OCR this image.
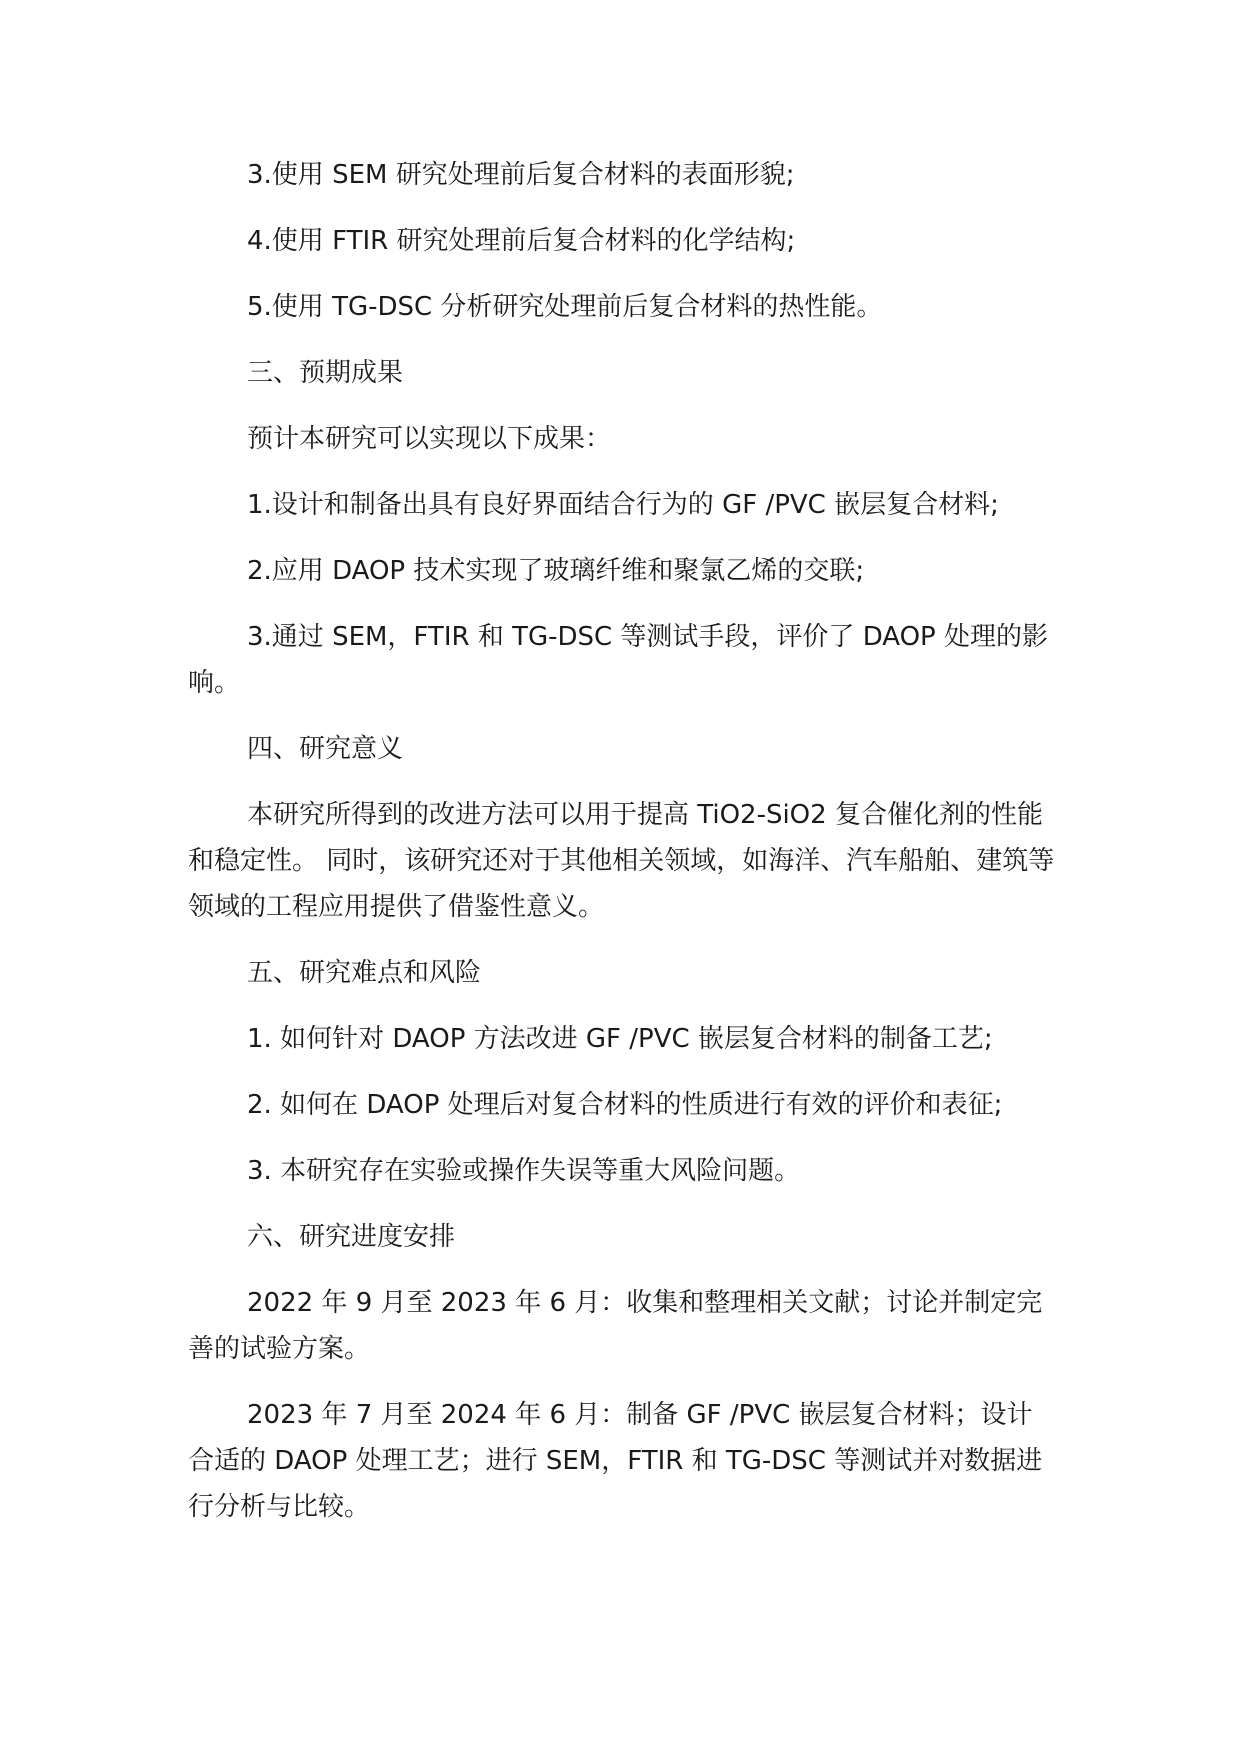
3.使用 SEM 研究处理前后复合材料的表面形貌;

4.使用 FTIR 研究处理前后复合材料的化学结构;

5.使用 TG-DSC 分析研究处理前后复合材料的热性能。

三、预期成果

预计本研究可以实现以下成果：

1.设计和制备出具有良好界面结合行为的 GF /PVC 嵌层复合材料;

2.应用 DAOP 技术实现了玻璃纤维和聚氯乙烯的交联;

3.通过 SEM，FTIR 和 TG-DSC 等测试手段，评价了 DAOP 处理的影响。

四、研究意义

本研究所得到的改进方法可以用于提高 TiO2-SiO2 复合催化剂的性能和稳定性。 同时，该研究还对于其他相关领域，如海洋、汽车船舶、建筑等领域的工程应用提供了借鉴性意义。

五、研究难点和风险

1. 如何针对 DAOP 方法改进 GF /PVC 嵌层复合材料的制备工艺;

2. 如何在 DAOP 处理后对复合材料的性质进行有效的评价和表征;

3. 本研究存在实验或操作失误等重大风险问题。

六、研究进度安排

2022 年 9 月至 2023 年 6 月：收集和整理相关文献；讨论并制定完善的试验方案。

2023 年 7 月至 2024 年 6 月：制备 GF /PVC 嵌层复合材料；设计合适的 DAOP 处理工艺；进行 SEM，FTIR 和 TG-DSC 等测试并对数据进行分析与比较。
